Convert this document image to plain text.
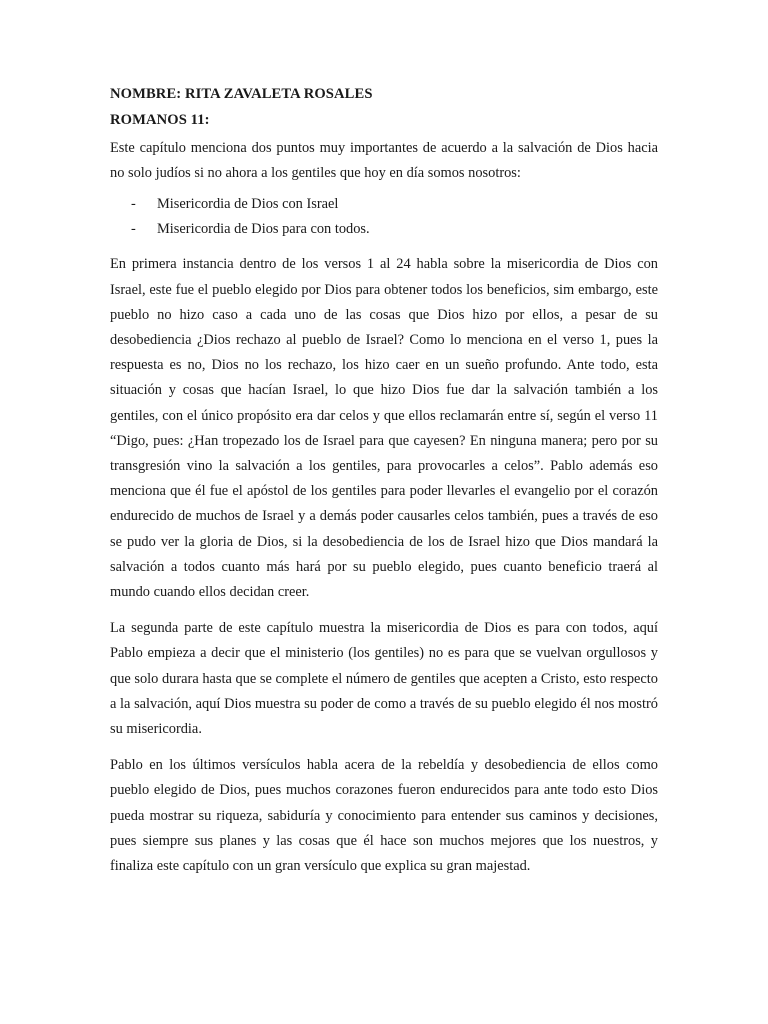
NOMBRE: RITA ZAVALETA ROSALES
ROMANOS 11:

Este capítulo menciona dos puntos muy importantes de acuerdo a la salvación de Dios hacia no solo judíos si no ahora a los gentiles que hoy en día somos nosotros:

- Misericordia de Dios con Israel
- Misericordia de Dios para con todos.

En primera instancia dentro de los versos 1 al 24 habla sobre la misericordia de Dios con Israel, este fue el pueblo elegido por Dios para obtener todos los beneficios, sim embargo, este pueblo no hizo caso a cada uno de las cosas que Dios hizo por ellos, a pesar de su desobediencia ¿Dios rechazo al pueblo de Israel? Como lo menciona en el verso 1, pues la respuesta es no, Dios no los rechazo, los hizo caer en un sueño profundo. Ante todo, esta situación y cosas que hacían Israel, lo que hizo Dios fue dar la salvación también a los gentiles, con el único propósito era dar celos y que ellos reclamarán entre sí, según el verso 11 “Digo, pues: ¿Han tropezado los de Israel para que cayesen? En ninguna manera; pero por su transgresión vino la salvación a los gentiles, para provocarles a celos”. Pablo además eso menciona que él fue el apóstol de los gentiles para poder llevarles el evangelio por el corazón endurecido de muchos de Israel y a demás poder causarles celos también, pues a través de eso se pudo ver la gloria de Dios, si la desobediencia de los de Israel hizo que Dios mandará la salvación a todos cuanto más hará por su pueblo elegido, pues cuanto beneficio traerá al mundo cuando ellos decidan creer.

La segunda parte de este capítulo muestra la misericordia de Dios es para con todos, aquí Pablo empieza a decir que el ministerio (los gentiles) no es para que se vuelvan orgullosos y que solo durara hasta que se complete el número de gentiles que acepten a Cristo, esto respecto a la salvación, aquí Dios muestra su poder de como a través de su pueblo elegido él nos mostró su misericordia.

Pablo en los últimos versículos habla acera de la rebeldía y desobediencia de ellos como pueblo elegido de Dios, pues muchos corazones fueron endurecidos para ante todo esto Dios pueda mostrar su riqueza, sabiduría y conocimiento para entender sus caminos y decisiones, pues siempre sus planes y las cosas que él hace son muchos mejores que los nuestros, y finaliza este capítulo con un gran versículo que explica su gran majestad.
